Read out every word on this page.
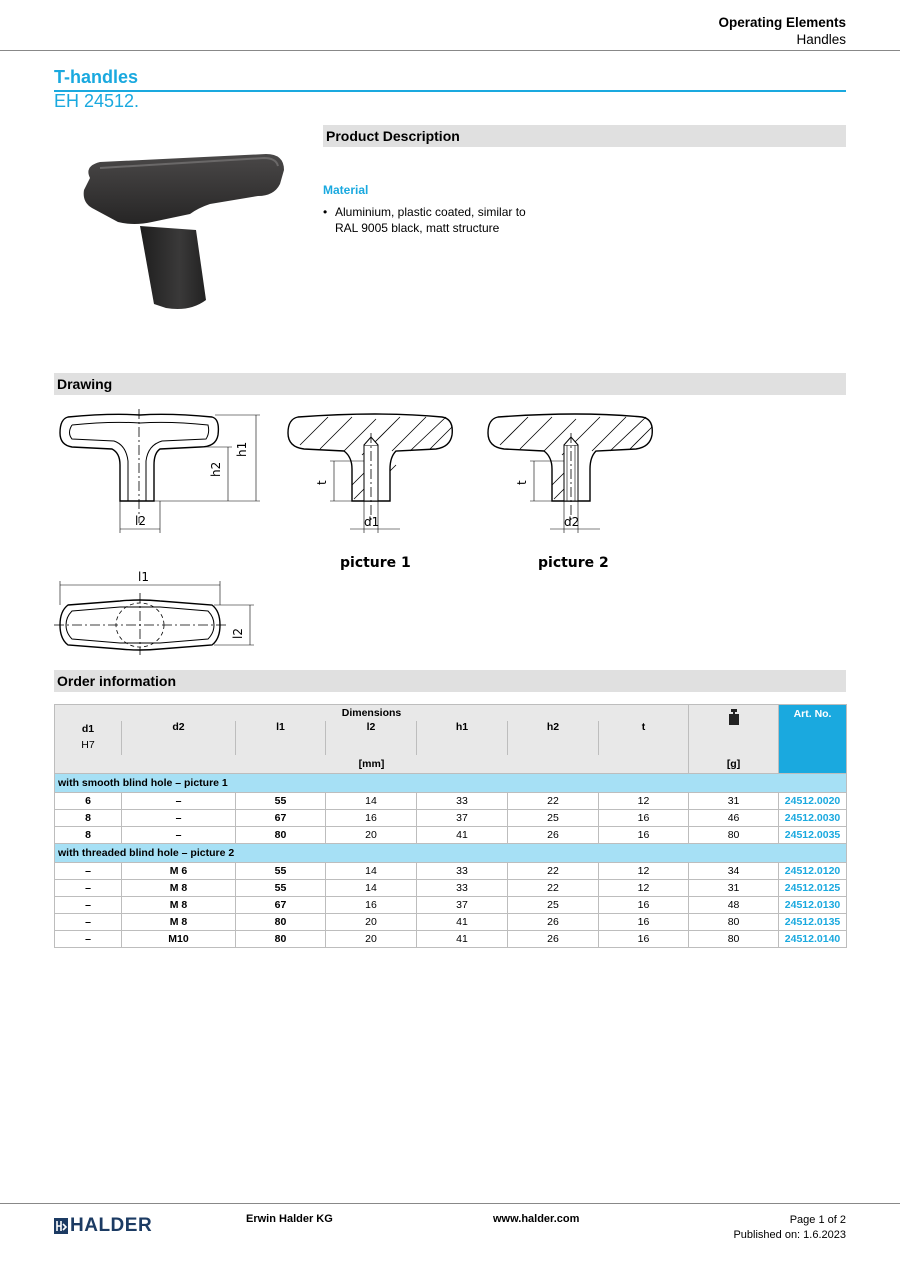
Operating Elements
Handles
T-handles
EH 24512.
Product Description
Material
• Aluminium, plastic coated, similar to
RAL 9005 black, matt structure
Drawing
l2
h1
h2
t
d1
picture 1
t
d2
picture 2
l1
l2
Order information
Dimensions							[g]	Art. No.
d1
H7	d2	l1	l2	h1	h2	t		
[mm]								
with smooth blind hole – picture 1								
6	–	55	14	33	22	12	31	24512.0020
8	–	67	16	37	25	16	46	24512.0030
8	–	80	20	41	26	16	80	24512.0035
with threaded blind hole – picture 2								
–	M 6	55	14	33	22	12	34	24512.0120
–	M 8	55	14	33	22	12	31	24512.0125
–	M 8	67	16	37	25	16	48	24512.0130
–	M 8	80	20	41	26	16	80	24512.0135
–	M10	80	20	41	26	16	80	24512.0140
HALDER	Erwin Halder KG	www.halder.com	Page 1 of 2
Published on: 1.6.2023
